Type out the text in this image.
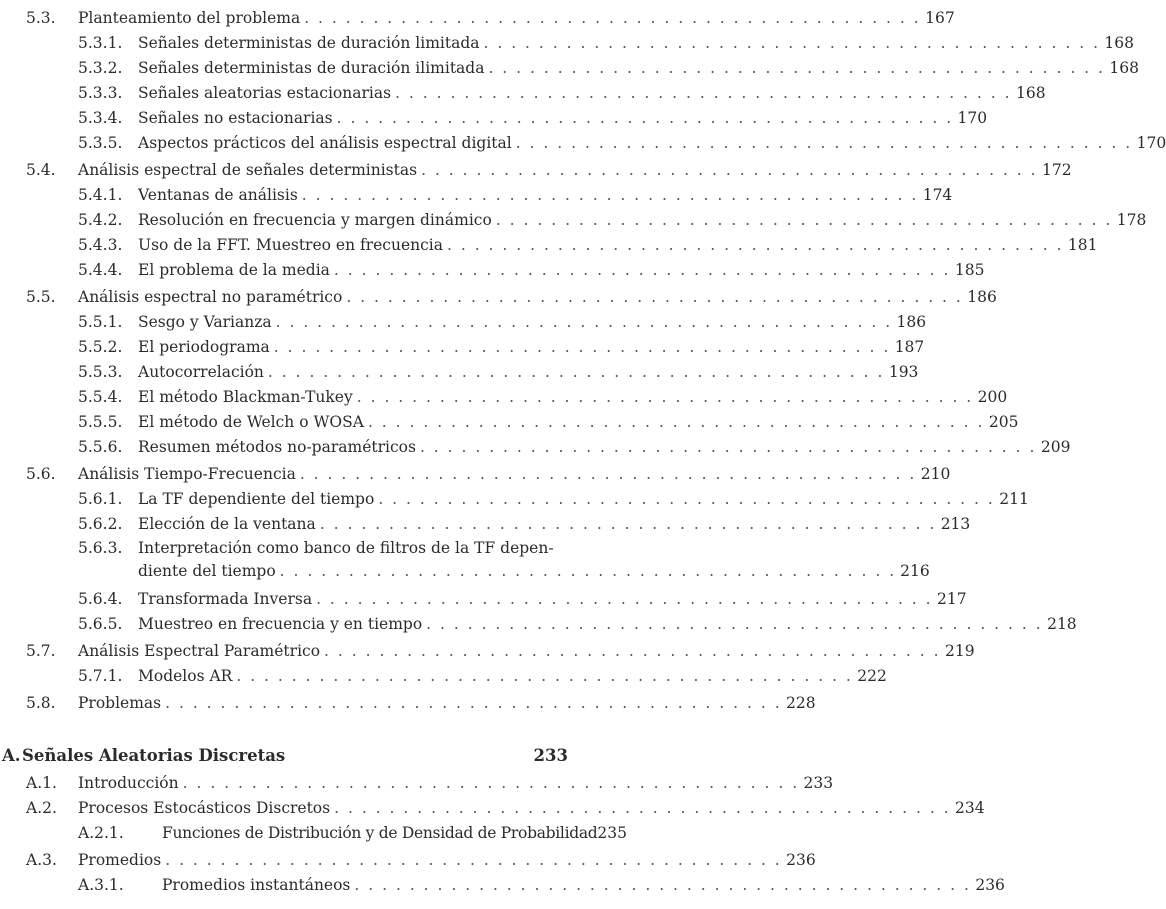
5.3.	Planteamiento del problema . . . . . . . . . . . . . . . . . . . . . . . . . . . . . . . . . . . . . . . . . . . . . 167
5.3.1.	Señales deterministas de duración limitada . . . . . . . . . . . . . . . . . . . . . . . . . . . . . . . . . . . . . . . . . . . . . 168
5.3.2.	Señales deterministas de duración ilimitada . . . . . . . . . . . . . . . . . . . . . . . . . . . . . . . . . . . . . . . . . . . . . 168
5.3.3.	Señales aleatorias estacionarias . . . . . . . . . . . . . . . . . . . . . . . . . . . . . . . . . . . . . . . . . . . . . 168
5.3.4.	Señales no estacionarias . . . . . . . . . . . . . . . . . . . . . . . . . . . . . . . . . . . . . . . . . . . . . 170
5.3.5.	Aspectos prácticos del análisis espectral digital . . . . . . . . . . . . . . . . . . . . . . . . . . . . . . . . . . . . . . . . . . . . . 170
5.4.	Análisis espectral de señales deterministas . . . . . . . . . . . . . . . . . . . . . . . . . . . . . . . . . . . . . . . . . . . . . 172
5.4.1.	Ventanas de análisis . . . . . . . . . . . . . . . . . . . . . . . . . . . . . . . . . . . . . . . . . . . . . 174
5.4.2.	Resolución en frecuencia y margen dinámico . . . . . . . . . . . . . . . . . . . . . . . . . . . . . . . . . . . . . . . . . . . . . 178
5.4.3.	Uso de la FFT. Muestreo en frecuencia . . . . . . . . . . . . . . . . . . . . . . . . . . . . . . . . . . . . . . . . . . . . . 181
5.4.4.	El problema de la media . . . . . . . . . . . . . . . . . . . . . . . . . . . . . . . . . . . . . . . . . . . . . 185
5.5.	Análisis espectral no paramétrico . . . . . . . . . . . . . . . . . . . . . . . . . . . . . . . . . . . . . . . . . . . . . 186
5.5.1.	Sesgo y Varianza . . . . . . . . . . . . . . . . . . . . . . . . . . . . . . . . . . . . . . . . . . . . . 186
5.5.2.	El periodograma . . . . . . . . . . . . . . . . . . . . . . . . . . . . . . . . . . . . . . . . . . . . . 187
5.5.3.	Autocorrelación . . . . . . . . . . . . . . . . . . . . . . . . . . . . . . . . . . . . . . . . . . . . . 193
5.5.4.	El método Blackman-Tukey . . . . . . . . . . . . . . . . . . . . . . . . . . . . . . . . . . . . . . . . . . . . . 200
5.5.5.	El método de Welch o WOSA . . . . . . . . . . . . . . . . . . . . . . . . . . . . . . . . . . . . . . . . . . . . . 205
5.5.6.	Resumen métodos no-paramétricos . . . . . . . . . . . . . . . . . . . . . . . . . . . . . . . . . . . . . . . . . . . . . 209
5.6.	Análisis Tiempo-Frecuencia . . . . . . . . . . . . . . . . . . . . . . . . . . . . . . . . . . . . . . . . . . . . . 210
5.6.1.	La TF dependiente del tiempo . . . . . . . . . . . . . . . . . . . . . . . . . . . . . . . . . . . . . . . . . . . . . 211
5.6.2.	Elección de la ventana . . . . . . . . . . . . . . . . . . . . . . . . . . . . . . . . . . . . . . . . . . . . . 213
5.6.3. Interpretación como banco de filtros de la TF depen-
diente del tiempo . . . . . . . . . . . . . . . . . . . . . . . . . . . . . . . . . . . . . . . . . . . . . 216
5.6.4.	Transformada Inversa . . . . . . . . . . . . . . . . . . . . . . . . . . . . . . . . . . . . . . . . . . . . . 217
5.6.5.	Muestreo en frecuencia y en tiempo . . . . . . . . . . . . . . . . . . . . . . . . . . . . . . . . . . . . . . . . . . . . . 218
5.7.	Análisis Espectral Paramétrico . . . . . . . . . . . . . . . . . . . . . . . . . . . . . . . . . . . . . . . . . . . . . 219
5.7.1.	Modelos AR . . . . . . . . . . . . . . . . . . . . . . . . . . . . . . . . . . . . . . . . . . . . . 222
5.8.	Problemas . . . . . . . . . . . . . . . . . . . . . . . . . . . . . . . . . . . . . . . . . . . . . 228
A. Señales Aleatorias Discretas	233
A.1.	Introducción . . . . . . . . . . . . . . . . . . . . . . . . . . . . . . . . . . . . . . . . . . . . . 233
A.2.	Procesos Estocásticos Discretos . . . . . . . . . . . . . . . . . . . . . . . . . . . . . . . . . . . . . . . . . . . . . 234
A.2.1.	Funciones de Distribución y de Densidad de Probabilidad 235
A.3.	Promedios . . . . . . . . . . . . . . . . . . . . . . . . . . . . . . . . . . . . . . . . . . . . . 236
A.3.1.	Promedios instantáneos . . . . . . . . . . . . . . . . . . . . . . . . . . . . . . . . . . . . . . . . . . . . . 236
